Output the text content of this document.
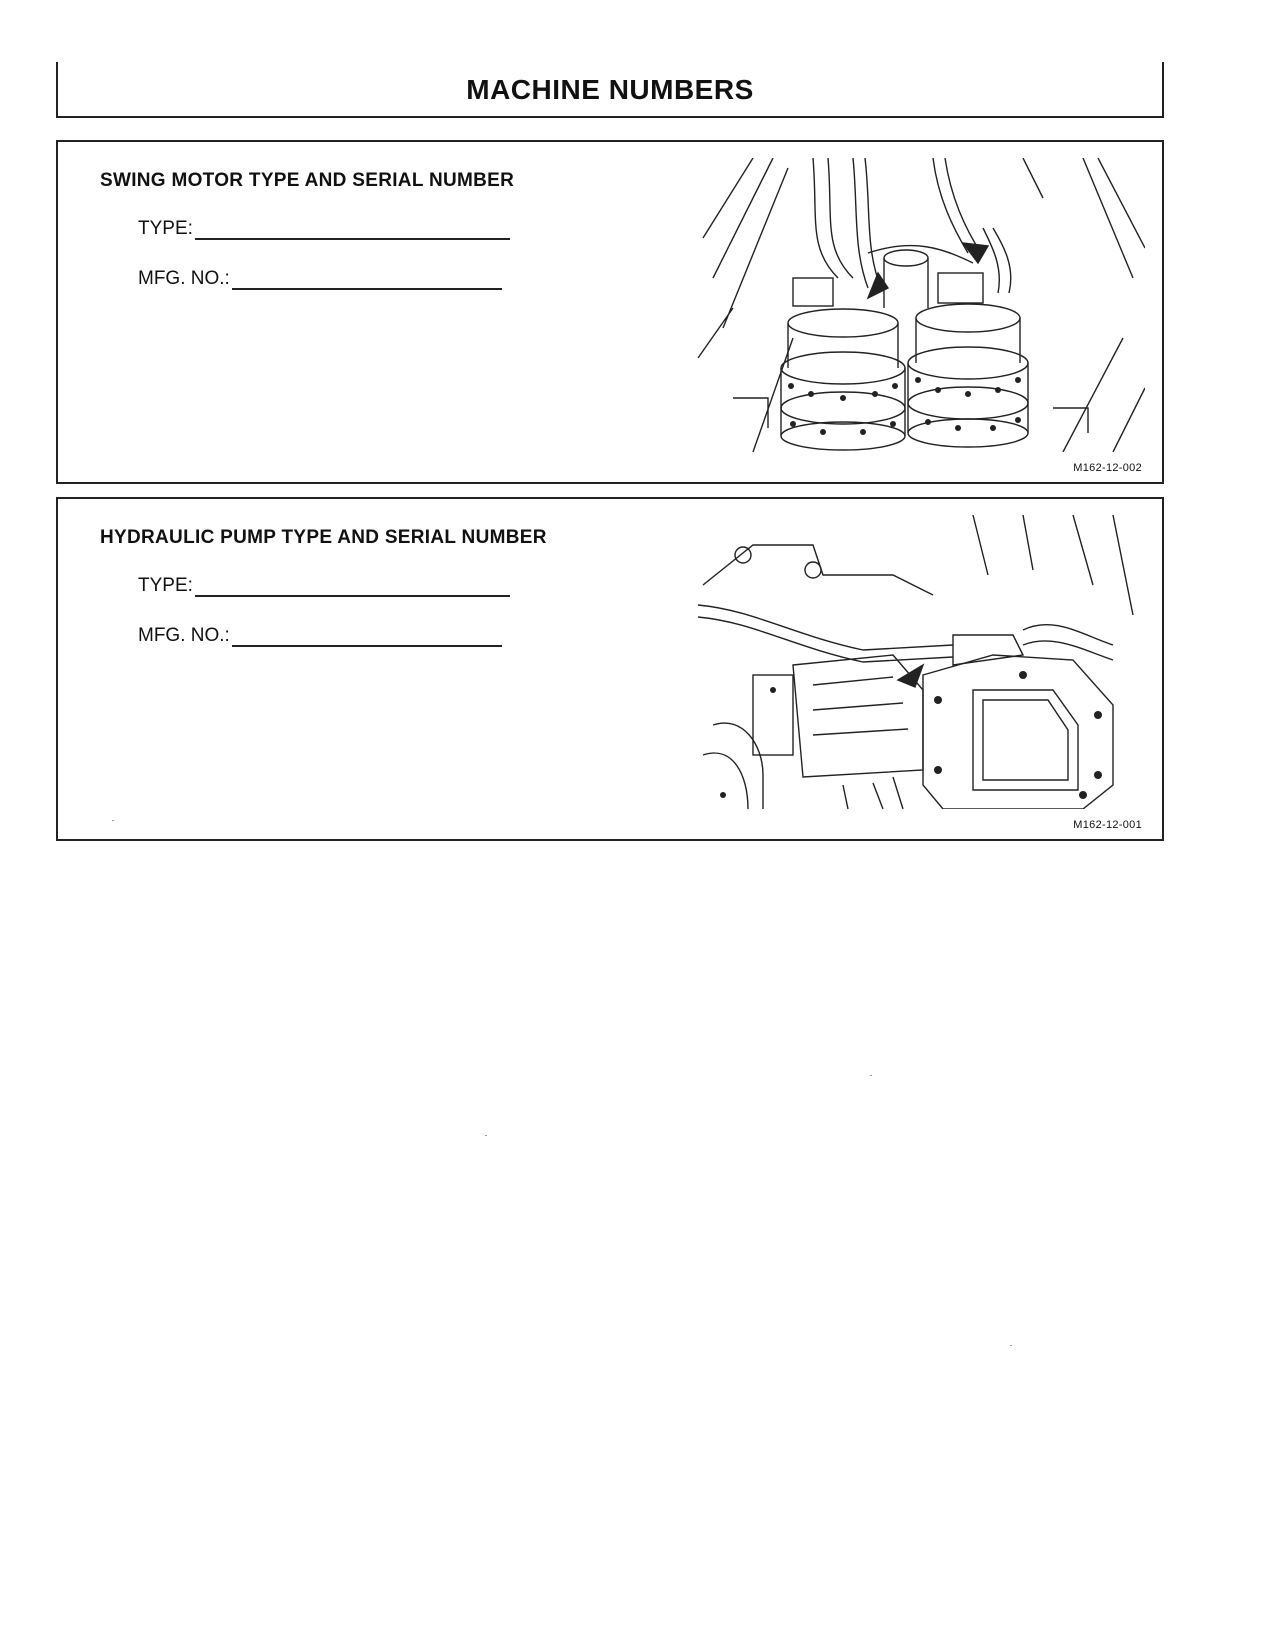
MACHINE NUMBERS
SWING MOTOR TYPE AND SERIAL NUMBER
TYPE:
MFG. NO.:
M162-12-002
HYDRAULIC PUMP TYPE AND SERIAL NUMBER
TYPE:
MFG. NO.:
M162-12-001
